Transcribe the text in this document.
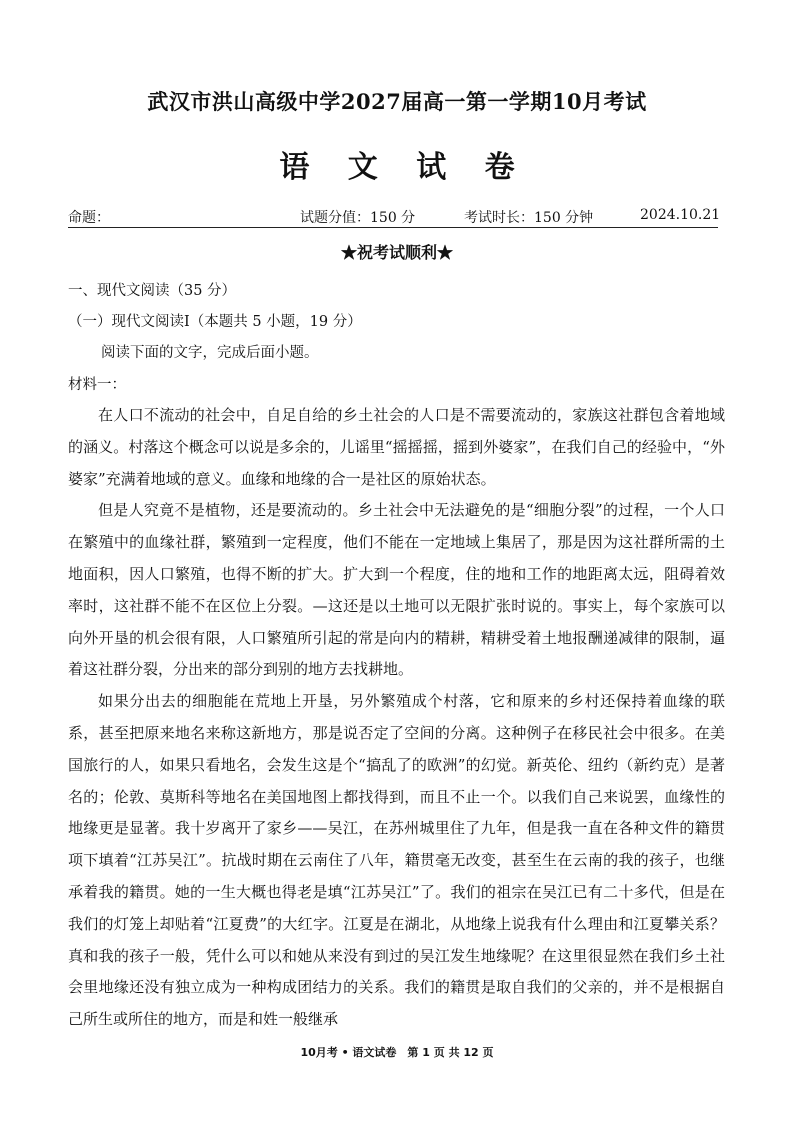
武汉市洪山高级中学2027届高一第一学期10月考试
语 文 试 卷
命题：	试题分值：150 分	考试时长：150 分钟	2024.10.21
★祝考试顺利★
一、现代文阅读（35 分）
（一）现代文阅读Ⅰ（本题共 5 小题，19 分）
阅读下面的文字，完成后面小题。
材料一：

在人口不流动的社会中，自足自给的乡土社会的人口是不需要流动的，家族这社群包含着地域的涵义。村落这个概念可以说是多余的，儿谣里“摇摇摇，摇到外婆家”，在我们自己的经验中，“外婆家”充满着地域的意义。血缘和地缘的合一是社区的原始状态。

但是人究竟不是植物，还是要流动的。乡土社会中无法避免的是“细胞分裂”的过程，一个人口在繁殖中的血缘社群，繁殖到一定程度，他们不能在一定地域上集居了，那是因为这社群所需的土地面积，因人口繁殖，也得不断的扩大。扩大到一个程度，住的地和工作的地距离太远，阻碍着效率时，这社群不能不在区位上分裂。—这还是以土地可以无限扩张时说的。事实上，每个家族可以向外开垦的机会很有限，人口繁殖所引起的常是向内的精耕，精耕受着土地报酬递减律的限制，逼着这社群分裂，分出来的部分到别的地方去找耕地。

如果分出去的细胞能在荒地上开垦，另外繁殖成个村落，它和原来的乡村还保持着血缘的联系，甚至把原来地名来称这新地方，那是说否定了空间的分离。这种例子在移民社会中很多。在美国旅行的人，如果只看地名，会发生这是个“搞乱了的欧洲”的幻觉。新英伦、纽约（新约克）是著名的；伦敦、莫斯科等地名在美国地图上都找得到，而且不止一个。以我们自己来说罢，血缘性的地缘更是显著。我十岁离开了家乡——吴江，在苏州城里住了九年，但是我一直在各种文件的籍贯项下填着“江苏吴江”。抗战时期在云南住了八年，籍贯毫无改变，甚至生在云南的我的孩子，也继承着我的籍贯。她的一生大概也得老是填“江苏吴江”了。我们的祖宗在吴江已有二十多代，但是在我们的灯笼上却贴着“江夏费”的大红字。江夏是在湖北，从地缘上说我有什么理由和江夏攀关系？真和我的孩子一般，凭什么可以和她从来没有到过的吴江发生地缘呢？在这里很显然在我们乡土社会里地缘还没有独立成为一种构成团结力的关系。我们的籍贯是取自我们的父亲的，并不是根据自己所生或所住的地方，而是和姓一般继承

10月考 • 语文试卷　第 1 页 共 12 页
